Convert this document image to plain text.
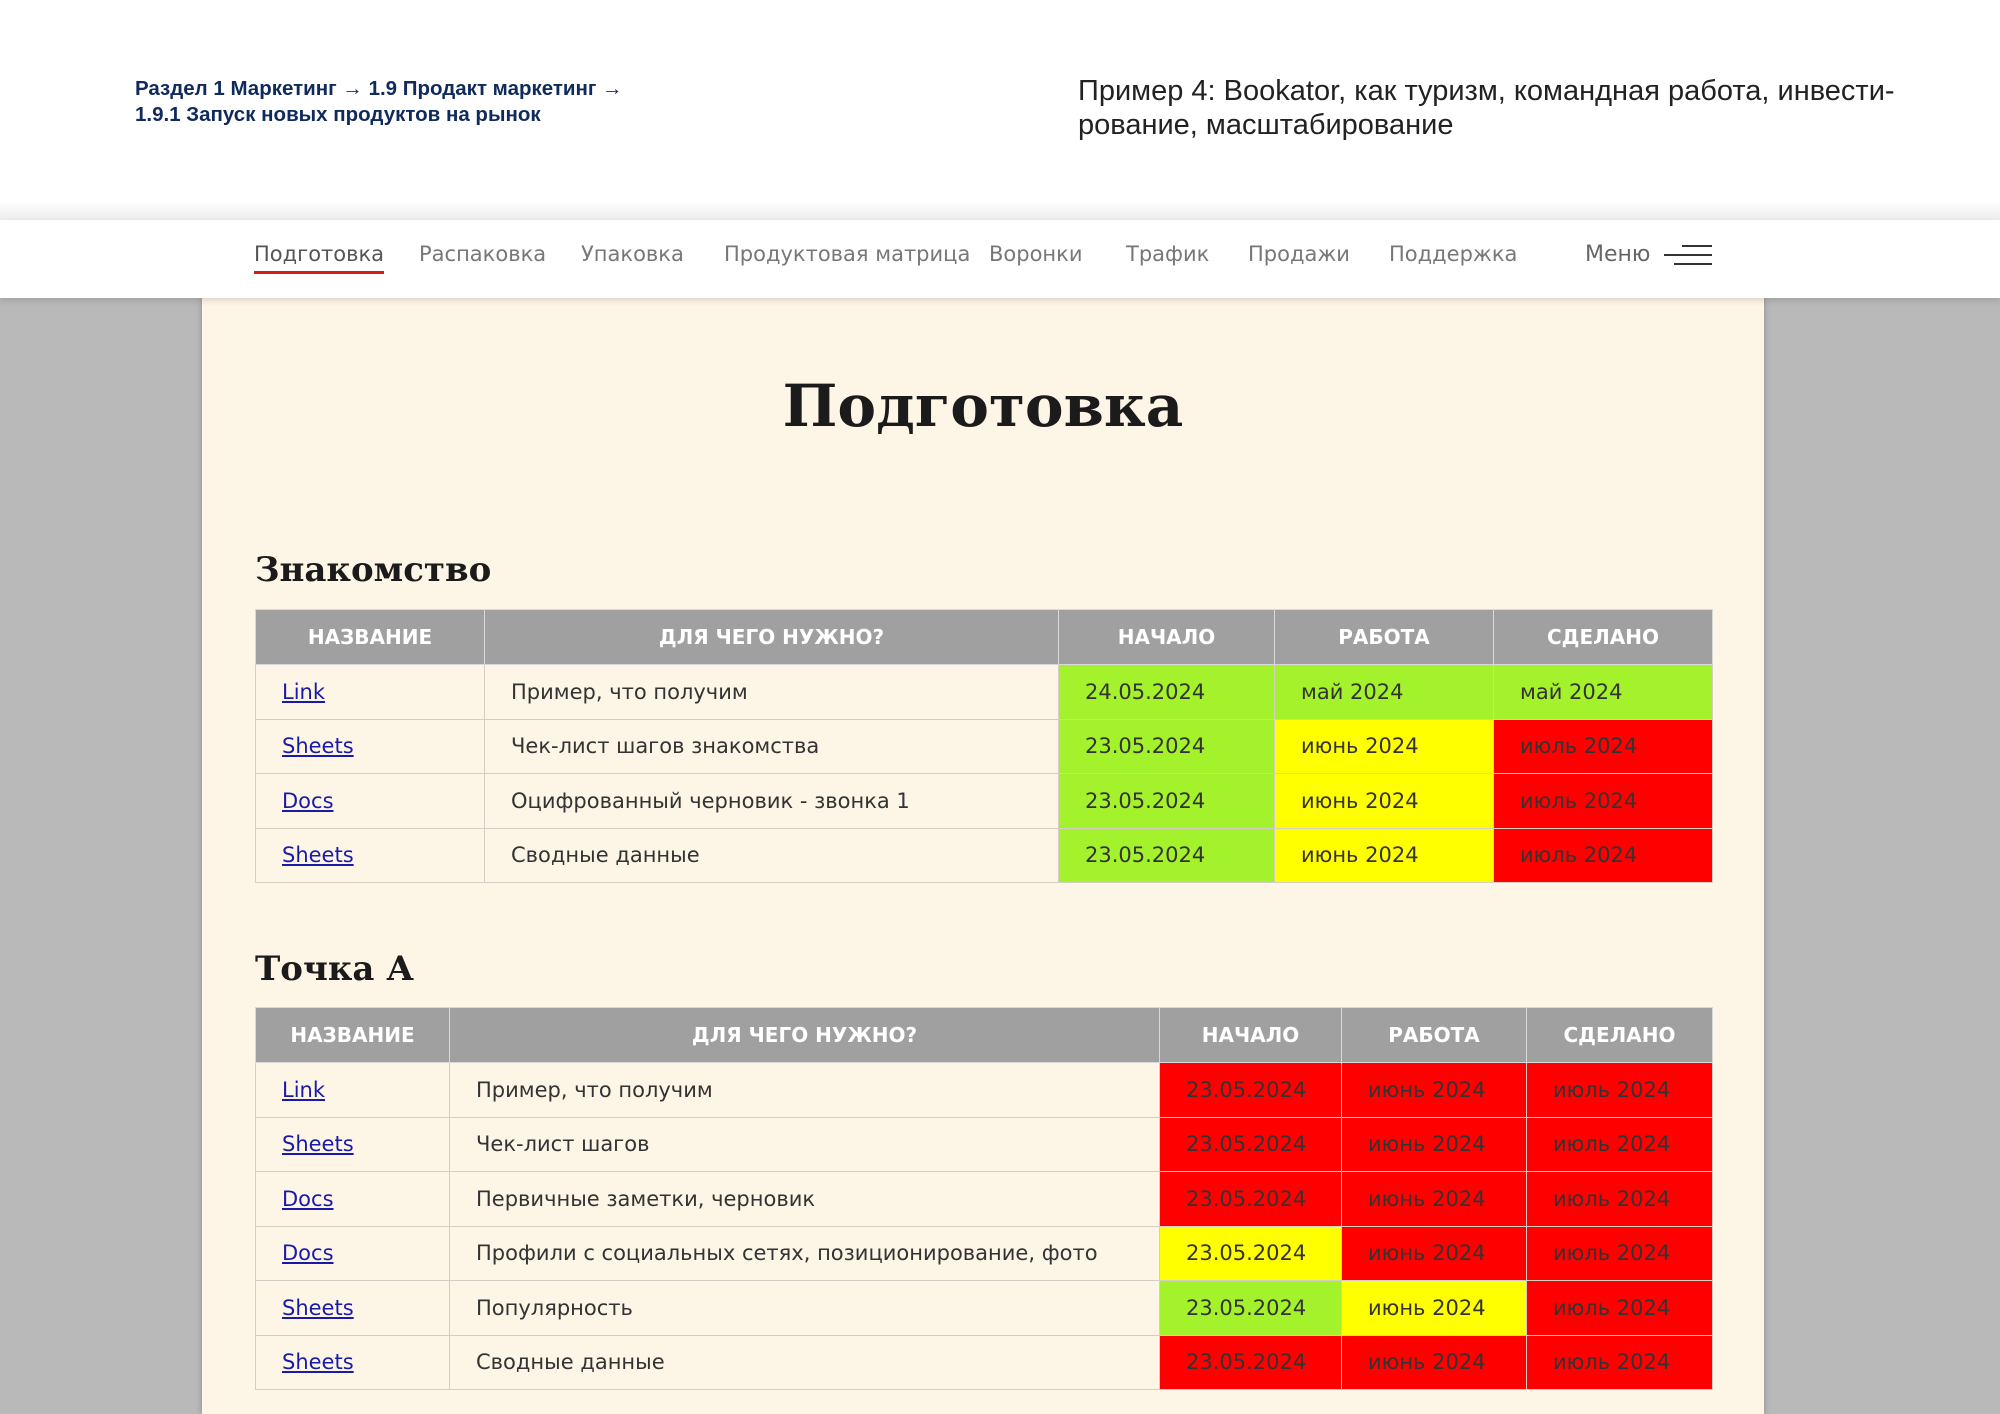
Раздел 1 Маркетинг → 1.9 Продакт маркетинг →
1.9.1 Запуск новых продуктов на рынок
Пример 4: Bookator, как туризм, командная работа, инвести-
рование, масштабирование
Подготовка Распаковка Упаковка Продуктовая матрица Воронки Трафик Продажи Поддержка	Меню
Подготовка
Знакомство
НАЗВАНИЕ	ДЛЯ ЧЕГО НУЖНО?	НАЧАЛО	РАБОТА	СДЕЛАНО
Link	Пример, что получим	24.05.2024	май 2024	май 2024
Sheets	Чек-лист шагов знакомства	23.05.2024	июнь 2024	июль 2024
Docs	Оцифрованный черновик - звонка 1	23.05.2024	июнь 2024	июль 2024
Sheets	Сводные данные	23.05.2024	июнь 2024	июль 2024
Точка А
НАЗВАНИЕ	ДЛЯ ЧЕГО НУЖНО?	НАЧАЛО	РАБОТА	СДЕЛАНО
Link	Пример, что получим	23.05.2024	июнь 2024	июль 2024
Sheets	Чек-лист шагов	23.05.2024	июнь 2024	июль 2024
Docs	Первичные заметки, черновик	23.05.2024	июнь 2024	июль 2024
Docs	Профили с социальных сетях, позиционирование, фото	23.05.2024	июнь 2024	июль 2024
Sheets	Популярность	23.05.2024	июнь 2024	июль 2024
Sheets	Сводные данные	23.05.2024	июнь 2024	июль 2024
